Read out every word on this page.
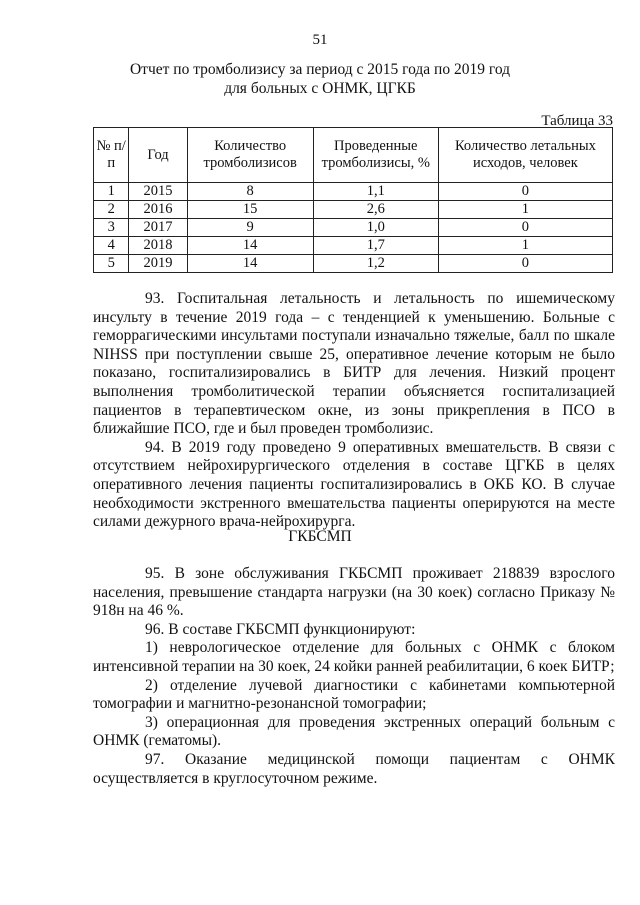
51
Отчет по тромболизису за период с 2015 года по 2019 год
для больных с ОНМК, ЦГКБ
Таблица 33
№ п/п	Год	Количество тромболизисов	Проведенные тромболизисы, %	Количество летальных исходов, человек
1	2015	8	1,1	0
2	2016	15	2,6	1
3	2017	9	1,0	0
4	2018	14	1,7	1
5	2019	14	1,2	0

93. Госпитальная летальность и летальность по ишемическому инсульту в течение 2019 года – с тенденцией к уменьшению. Больные с геморрагическими инсультами поступали изначально тяжелые, балл по шкале NIHSS при поступлении свыше 25, оперативное лечение которым не было показано, госпитализировались в БИТР для лечения. Низкий процент выполнения тромболитической терапии объясняется госпитализацией пациентов в терапевтическом окне, из зоны прикрепления в ПСО в ближайшие ПСО, где и был проведен тромболизис.

94. В 2019 году проведено 9 оперативных вмешательств. В связи с отсутствием нейрохирургического отделения в составе ЦГКБ в целях оперативного лечения пациенты госпитализировались в ОКБ КО. В случае необходимости экстренного вмешательства пациенты оперируются на месте силами дежурного врача-нейрохирурга.

ГКБСМП

95. В зоне обслуживания ГКБСМП проживает 218839 взрослого населения, превышение стандарта нагрузки (на 30 коек) согласно Приказу № 918н на 46 %.

96. В составе ГКБСМП функционируют:

1) неврологическое отделение для больных с ОНМК с блоком интенсивной терапии на 30 коек, 24 койки ранней реабилитации, 6 коек БИТР;

2) отделение лучевой диагностики с кабинетами компьютерной томографии и магнитно-резонансной томографии;

3) операционная для проведения экстренных операций больным с ОНМК (гематомы).

97. Оказание медицинской помощи пациентам с ОНМК осуществляется в круглосуточном режиме.
